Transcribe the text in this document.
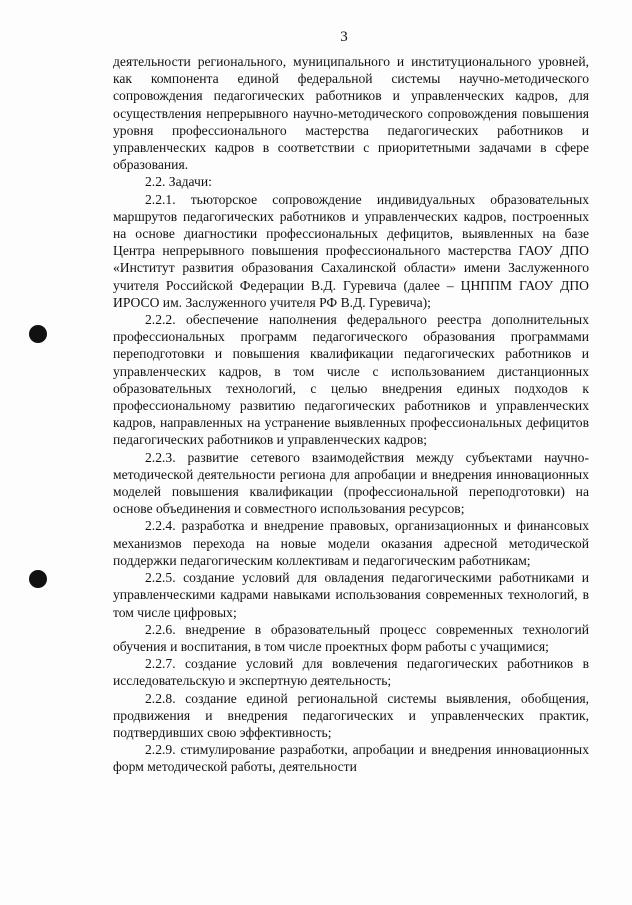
3

деятельности регионального, муниципального и институционального уровней, как компонента единой федеральной системы научно-методического сопровождения педагогических работников и управленческих кадров, для осуществления непрерывного научно-методического сопровождения повышения уровня профессионального мастерства педагогических работников и управленческих кадров в соответствии с приоритетными задачами в сфере образования.

2.2. Задачи:

2.2.1. тьюторское сопровождение индивидуальных образовательных маршрутов педагогических работников и управленческих кадров, построенных на основе диагностики профессиональных дефицитов, выявленных на базе Центра непрерывного повышения профессионального мастерства ГАОУ ДПО «Институт развития образования Сахалинской области» имени Заслуженного учителя Российской Федерации В.Д. Гуревича (далее – ЦНППМ ГАОУ ДПО ИРОСО им. Заслуженного учителя РФ В.Д. Гуревича);

2.2.2. обеспечение наполнения федерального реестра дополнительных профессиональных программ педагогического образования программами переподготовки и повышения квалификации педагогических работников и управленческих кадров, в том числе с использованием дистанционных образовательных технологий, с целью внедрения единых подходов к профессиональному развитию педагогических работников и управленческих кадров, направленных на устранение выявленных профессиональных дефицитов педагогических работников и управленческих кадров;

2.2.3. развитие сетевого взаимодействия между субъектами научно-методической деятельности региона для апробации и внедрения инновационных моделей повышения квалификации (профессиональной переподготовки) на основе объединения и совместного использования ресурсов;

2.2.4. разработка и внедрение правовых, организационных и финансовых механизмов перехода на новые модели оказания адресной методической поддержки педагогическим коллективам и педагогическим работникам;

2.2.5. создание условий для овладения педагогическими работниками и управленческими кадрами навыками использования современных технологий, в том числе цифровых;

2.2.6. внедрение в образовательный процесс современных технологий обучения и воспитания, в том числе проектных форм работы с учащимися;

2.2.7. создание условий для вовлечения педагогических работников в исследовательскую и экспертную деятельность;

2.2.8. создание единой региональной системы выявления, обобщения, продвижения и внедрения педагогических и управленческих практик, подтвердивших свою эффективность;

2.2.9. стимулирование разработки, апробации и внедрения инновационных форм методической работы, деятельности
